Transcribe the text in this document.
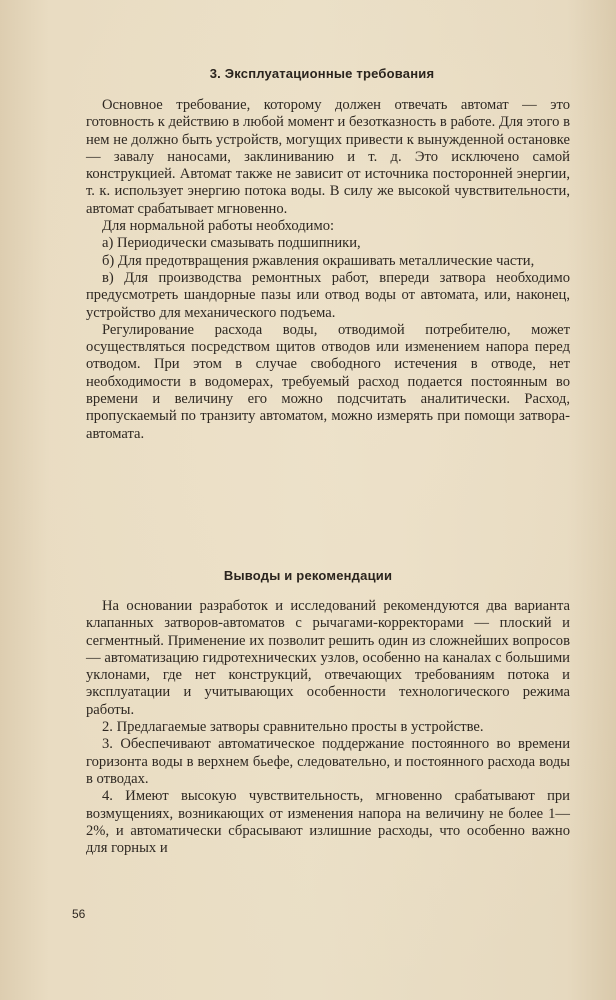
3. Эксплуатационные требования

Основное требование, которому должен отвечать автомат — это готовность к действию в любой момент и безотказность в работе. Для этого в нем не должно быть устройств, могущих привести к вынужденной остановке — завалу наносами, заклиниванию и т. д. Это исключено самой конструкцией. Автомат также не зависит от источника посторонней энергии, т. к. использует энергию потока воды. В силу же высокой чувствительности, автомат срабатывает мгновенно.

Для нормальной работы необходимо:

а) Периодически смазывать подшипники,

б) Для предотвращения ржавления окрашивать металлические части,

в) Для производства ремонтных работ, впереди затвора необходимо предусмотреть шандорные пазы или отвод воды от автомата, или, наконец, устройство для механического подъема.

Регулирование расхода воды, отводимой потребителю, может осуществляться посредством щитов отводов или изменением напора перед отводом. При этом в случае свободного истечения в отводе, нет необходимости в водомерах, требуемый расход подается постоянным во времени и величину его можно подсчитать аналитически. Расход, пропускаемый по транзиту автоматом, можно измерять при помощи затвора-автомата.

Выводы и рекомендации

На основании разработок и исследований рекомендуются два варианта клапанных затворов-автоматов с рычагами-корректорами — плоский и сегментный. Применение их позволит решить один из сложнейших вопросов — автоматизацию гидротехнических узлов, особенно на каналах с большими уклонами, где нет конструкций, отвечающих требованиям потока и эксплуатации и учитывающих особенности технологического режима работы.

2. Предлагаемые затворы сравнительно просты в устройстве.

3. Обеспечивают автоматическое поддержание постоянного во времени горизонта воды в верхнем бьефе, следовательно, и постоянного расхода воды в отводах.

4. Имеют высокую чувствительность, мгновенно срабатывают при возмущениях, возникающих от изменения напора на величину не более 1—2%, и автоматически сбрасывают излишние расходы, что особенно важно для горных и

56
